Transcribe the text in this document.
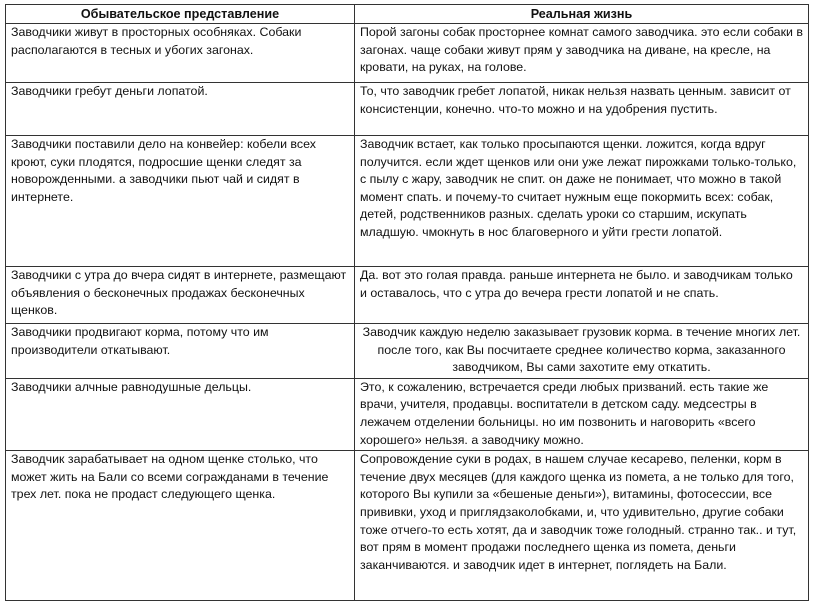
Обывательское представление	Реальная жизнь
Заводчики живут в просторных особняках. Собаки располагаются в тесных и убогих загонах.	Порой загоны собак просторнее комнат самого заводчика. это если собаки в загонах. чаще собаки живут прям у заводчика на диване, на кресле, на кровати, на руках, на голове.
Заводчики гребут деньги лопатой.	То, что заводчик гребет лопатой, никак нельзя назвать ценным. зависит от консистенции, конечно. что-то можно и на удобрения пустить.
Заводчики поставили дело на конвейер: кобели всех кроют, суки плодятся, подросшие щенки следят за новорожденными. а заводчики пьют чай и сидят в интернете.	Заводчик встает, как только просыпаются щенки. ложится, когда вдруг получится. если ждет щенков или они уже лежат пирожками только-только, с пылу с жару, заводчик не спит. он даже не понимает, что можно в такой момент спать. и почему-то считает нужным еще покормить всех: собак, детей, родственников разных. сделать уроки со старшим, искупать младшую. чмокнуть в нос благоверного и уйти грести лопатой.
Заводчики с утра до вчера сидят в интернете, размещают объявления о бесконечных продажах бесконечных щенков.	Да. вот это голая правда. раньше интернета не было. и заводчикам только и оставалось, что с утра до вечера грести лопатой и не спать.
Заводчики продвигают корма, потому что им производители откатывают.	Заводчик каждую неделю заказывает грузовик корма. в течение многих лет. после того, как Вы посчитаете среднее количество корма, заказанного заводчиком, Вы сами захотите ему откатить.
Заводчики алчные равнодушные дельцы.	Это, к сожалению, встречается среди любых призваний. есть такие же врачи, учителя, продавцы. воспитатели в детском саду. медсестры в лежачем отделении больницы. но им позвонить и наговорить «всего хорошего» нельзя. а заводчику можно.
Заводчик зарабатывает на одном щенке столько, что может жить на Бали со всеми согражданами в течение трех лет. пока не продаст следующего щенка.	Сопровождение суки в родах, в нашем случае кесарево, пеленки, корм в течение двух месяцев (для каждого щенка из помета, а не только для того, которого Вы купили за «бешеные деньги»), витамины, фотосессии, все прививки, уход и приглядзаколобками, и, что удивительно, другие собаки тоже отчего-то есть хотят, да и заводчик тоже голодный. странно так.. и тут, вот прям в момент продажи последнего щенка из помета, деньги заканчиваются. и заводчик идет в интернет, поглядеть на Бали.
